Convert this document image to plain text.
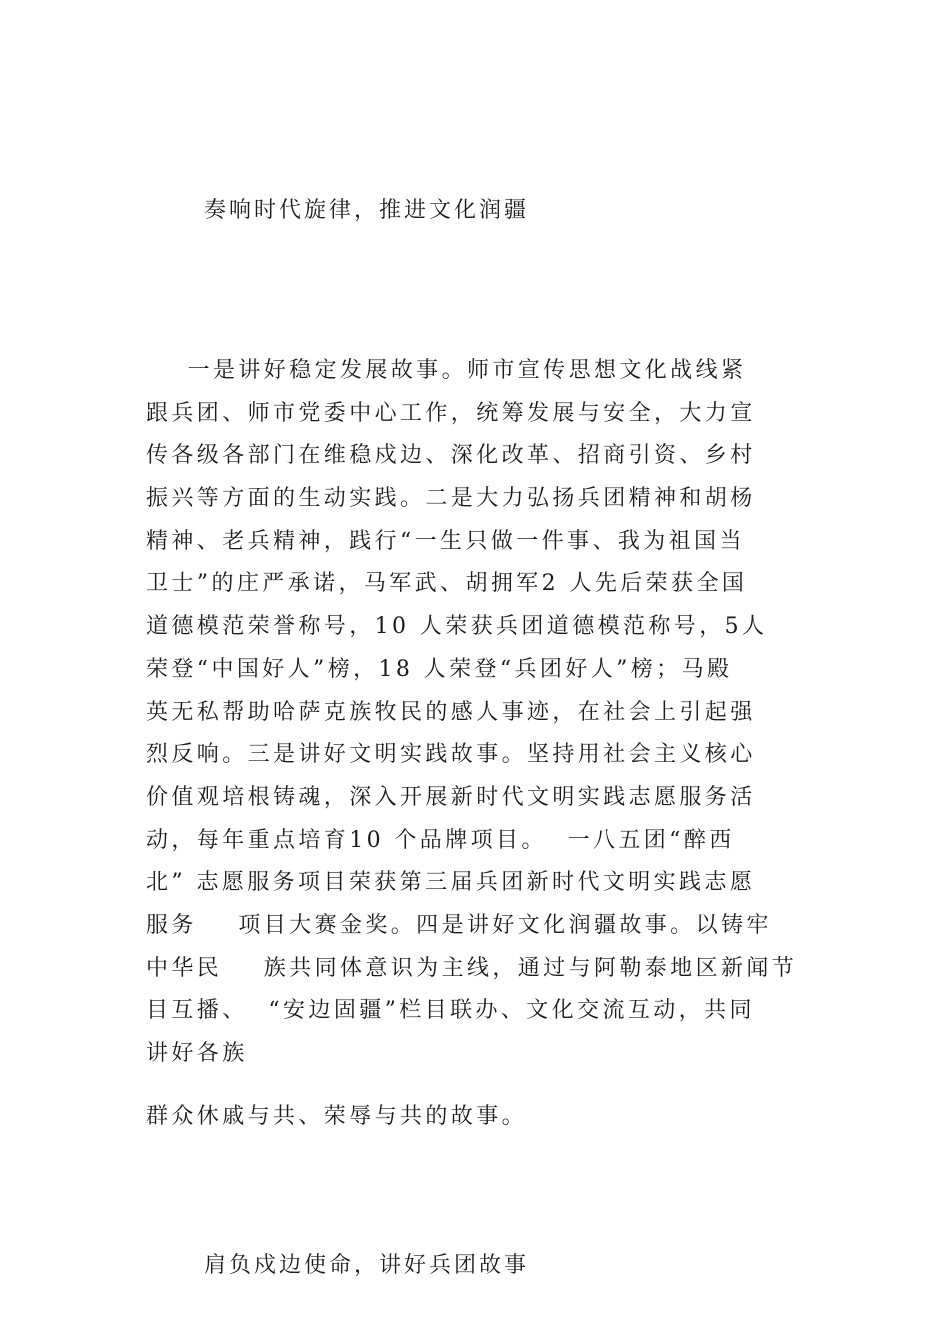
奏响时代旋律，推进文化润疆
一是讲好稳定发展故事。师市宣传思想文化战线紧
跟兵团、师市党委中心工作，统筹发展与安全，大力宣
传各级各部门在维稳戍边、深化改革、招商引资、乡村
振兴等方面的生动实践。二是大力弘扬兵团精神和胡杨
精神、老兵精神，践行“一生只做一件事、我为祖国当
卫士”的庄严承诺，马军武、胡拥军2 人先后荣获全国
道德模范荣誉称号，10 人荣获兵团道德模范称号，5人
荣登“中国好人”榜，18 人荣登“兵团好人”榜；马殿
英无私帮助哈萨克族牧民的感人事迹，在社会上引起强
烈反响。三是讲好文明实践故事。坚持用社会主义核心
价值观培根铸魂，深入开展新时代文明实践志愿服务活
动，每年重点培育10 个品牌项目。  一八五团“醉西
北” 志愿服务项目荣获第三届兵团新时代文明实践志愿
服务    项目大赛金奖。四是讲好文化润疆故事。以铸牢
中华民    族共同体意识为主线，通过与阿勒泰地区新闻节
目互播、  “安边固疆”栏目联办、文化交流互动，共同
讲好各族
群众休戚与共、荣辱与共的故事。
肩负戍边使命，讲好兵团故事
